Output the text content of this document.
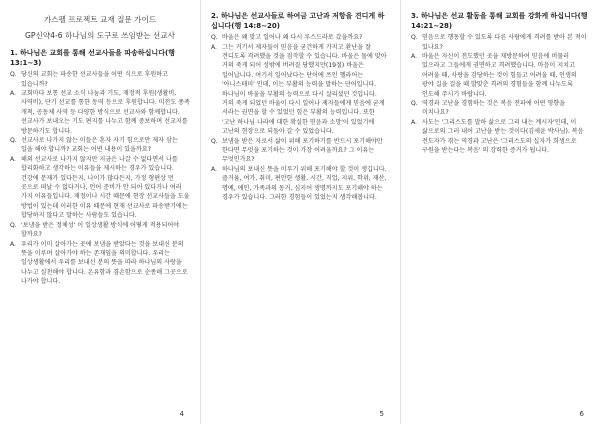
가스펠 프로젝트 교재 질문 가이드
GP신약4-6 하나님의 도구로 쓰임받는 선교사
1. 하나님은 교회를 통해 선교사들을 파송하십니다(행 13:1~3)

Q. 당신의 교회는 파송한 선교사들을 어떤 식으로 후원하고 있습니까?

A. 교회마다 보통 선교 소식 나눔과 기도, 재정적 후원(생활비, 사역비), 단기 선교를 통한 동역 등으로 후원합니다. 미전도 종족 개척, 공동체 사역 등 다양한 방식으로 선교사와 함께합니다. 선교사가 보내오는 기도 편지를 나누고 함께 중보하며 선교지를 방문하기도 합니다.

Q. 선교사로 나가지 않는 이들은 혼자 자기 힘으로만 제자 삼는 일을 해야 합니까? 교회는 어떤 내용이 있을까요?

A. 해외 선교사로 나가지 않지만 지금은 나갈 수 없다면서 나를 합리화하고 생각하는 이유들을 제시하는 경우가 있습니다. 건강에 문제가 있다든지, 나이가 많다든지, 가정 형편상 먼 곳으로 떠날 수 없다거나, 언어 준비가 안 되어 있다거나 여러 가지 이유들입니다. 재정이나 시간 때문에 현장 선교사들을 도울 방법이 있는데 이러한 이유 때문에 현재 선교사로 파송받기에는 합당하지 않다고 말하는 사람들도 있습니다.

Q. '보냄을 받은 정체성' 이 일상생활 방식에 어떻게 적용되어야 할까요?

A. 우리가 이미 살아가는 곳에 보냄을 받았다는 것을 보내신 분의 뜻을 이루며 살아가야 하는 존재임을 의미합니다. 우리는 일상생활에서 우리를 보내신 분의 뜻을 따라 하나님의 사랑을 나누고 실천해야 합니다. 온유함과 겸손함으로 순종해 그곳으로 나가야 합니다.

4
2. 하나님은 선교사들로 하여금 고난과 저항을 견디게 하십니다(행 14:8~20)

Q. 바울은 왜 맞고 일어나 왜 다시 루스드라로 갔을까요?

A. 그는 거기서 제자들이 믿음을 굳건하게 가지고 환난을 잘 견디도록 격려했을 것을 짐작할 수 있습니다. 바울은 돌에 맞아 거의 죽게 되어 성밖에 버려질 당했지만(19절) 바울은 일어납니다. 여기서 일어났다는 단어에 쓰인 헬라어는 '아니스테미' 인데, 이는 부활의 능력을 말하는 단어입니다. 하나님이 바울을 부활의 능력으로 다시 살리셨던 것입니다. 거의 죽게 되었던 바울이 다시 일어나 제자들에게 믿음에 굳게 서라는 권면을 할 수 있었던 힘은 부활의 능력입니다. 또한 '고난 하나님 나라에 대한 확실한 믿음과 소망'이 있었기에 고난의 현장으로 되돌아 갈 수 있었습니다.

Q. 보냄을 받은 자로서 삶이 위해 포기하기를 반드시 포기해야만 한다면 무엇을 포기하는 것이 가장 어려울까요? 그 이유는 무엇인가요?

A. 하나님의 보내신 뜻을 이루기 위해 포기해야 할 것이 생깁니다. 즐거움, 여가, 취미, 편안한 생활, 시간, 직업, 지위, 학위, 재산, 명예, 애인, 가족과의 동거, 심지어 생명까지도 포기해야 하는 경우가 있습니다. 그러한 경험들이 있었는지 생각해봅니다.

5
3. 하나님은 선교 활동을 통해 교회를 강화케 하십니다(행 14:21~28)

Q. 믿음으로 행동할 수 있도록 다른 사람에게 격려를 받아 본 적이 있나요?

A. 바울은 자신이 전도했던 곳을 재방문하여 믿음에 머물러 있으라고 그들에게 권면하고 격려했습니다. 마음이 지치고 어려울 때, 사랑을 감당하는 것이 힘들고 어려울 때, 인생의 광야 길을 걸을 때 발맞춘 격려의 경험들을 함께 나누도록 인도해 주시기 바랍니다.

Q. 역경과 고난을 경험하는 것은 복음 전파에 어떤 영향을 미치나요?

A. 사도는 '그리스도를 말하 삶으로 그리 내는 계시자'인데, 이 삶으로의 그러 내어 고난을 받는 것이다(김세윤 박사님). 복음 전도자가 겪는 역경과 고난은 '그리스도의 십자가 희생으로 구원을 받는다는 복음' 의 강력한 증거가 됩니다.

6
